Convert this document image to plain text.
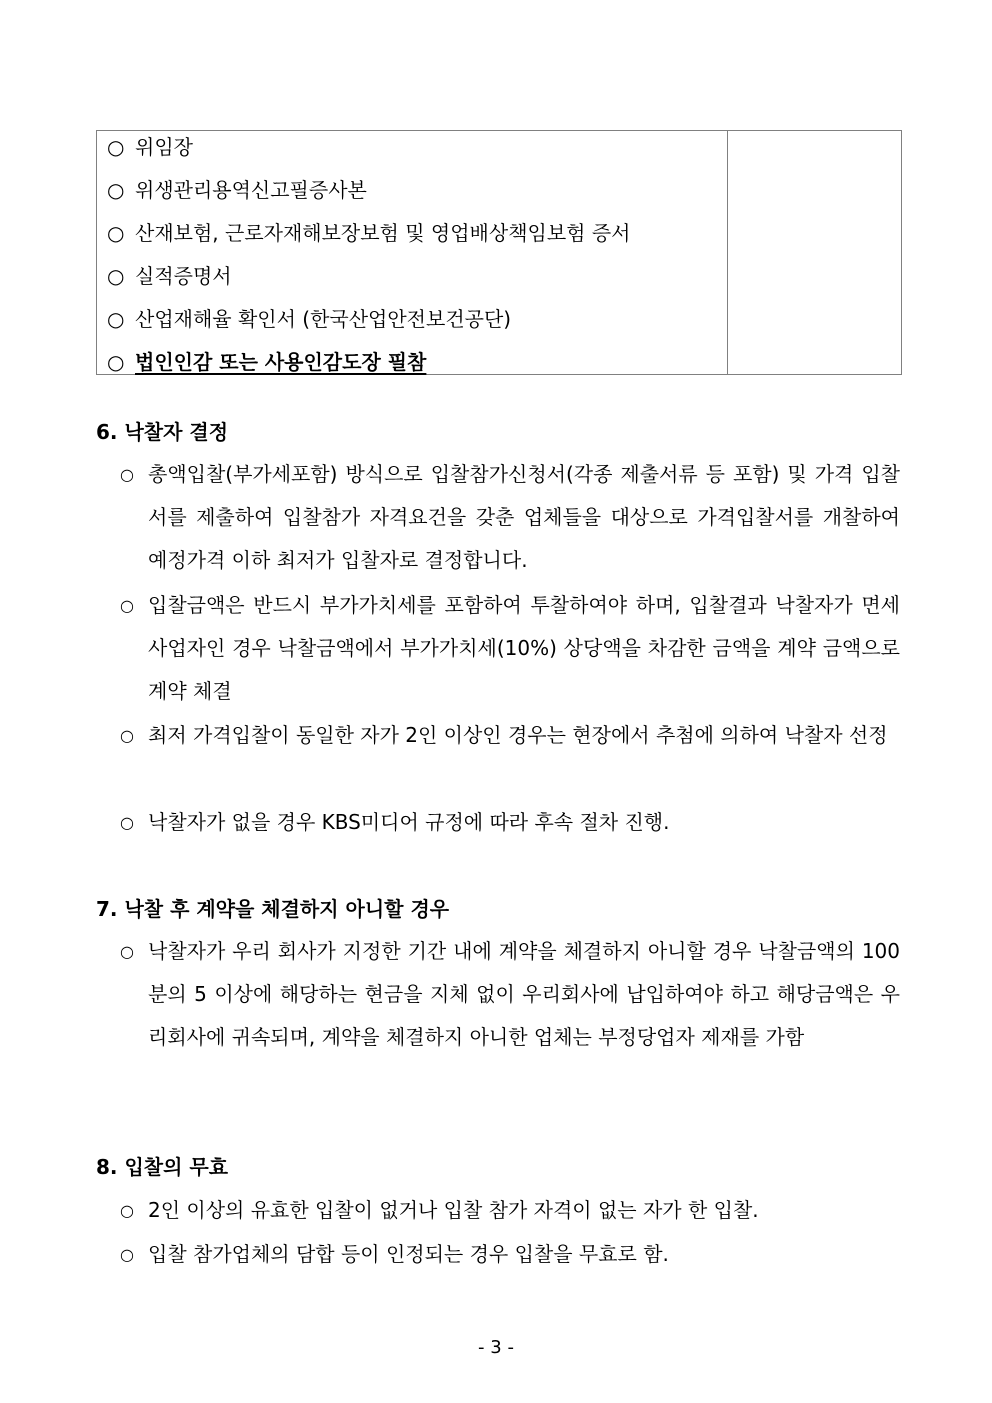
○ 위임장
○ 위생관리용역신고필증사본
○ 산재보험, 근로자재해보장보험 및 영업배상책임보험 증서
○ 실적증명서
○ 산업재해율 확인서 (한국산업안전보건공단)
○ 법인인감 또는 사용인감도장 필참
6. 낙찰자 결정
○ 총액입찰(부가세포함) 방식으로 입찰참가신청서(각종 제출서류 등 포함) 및 가격 입찰서를 제출하여 입찰참가 자격요건을 갖춘 업체들을 대상으로 가격입찰서를 개찰하여 예정가격 이하 최저가 입찰자로 결정합니다.
○ 입찰금액은 반드시 부가가치세를 포함하여 투찰하여야 하며, 입찰결과 낙찰자가 면세사업자인 경우 낙찰금액에서 부가가치세(10%) 상당액을 차감한 금액을 계약 금액으로 계약 체결
○ 최저 가격입찰이 동일한 자가 2인 이상인 경우는 현장에서 추첨에 의하여 낙찰자 선정
○ 낙찰자가 없을 경우 KBS미디어 규정에 따라 후속 절차 진행.
7. 낙찰 후 계약을 체결하지 아니할 경우
○ 낙찰자가 우리 회사가 지정한 기간 내에 계약을 체결하지 아니할 경우 낙찰금액의 100분의 5 이상에 해당하는 현금을 지체 없이 우리회사에 납입하여야 하고 해당금액은 우리회사에 귀속되며, 계약을 체결하지 아니한 업체는 부정당업자 제재를 가함
8. 입찰의 무효
○ 2인 이상의 유효한 입찰이 없거나 입찰 참가 자격이 없는 자가 한 입찰.
○ 입찰 참가업체의 담합 등이 인정되는 경우 입찰을 무효로 함.
- 3 -
